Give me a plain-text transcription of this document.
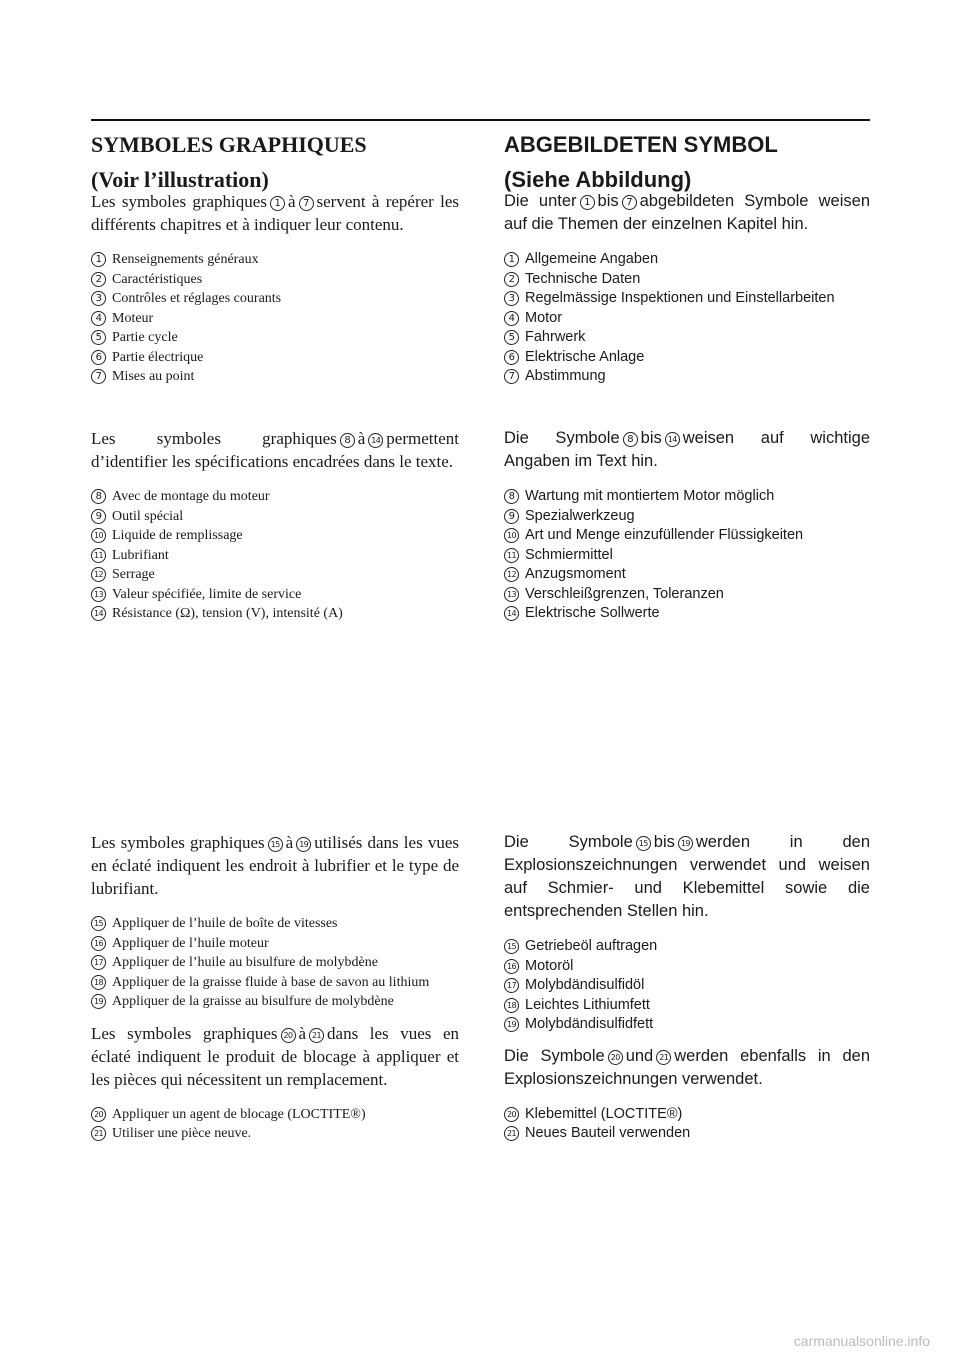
SYMBOLES GRAPHIQUES
(Voir l’illustration)

Les symboles graphiques 1 à 7 servent à repérer les différents chapitres et à indiquer leur contenu.

1 Renseignements généraux
2 Caractéristiques
3 Contrôles et réglages courants
4 Moteur
5 Partie cycle
6 Partie électrique
7 Mises au point

Les symboles graphiques 8 à 14 permettent d’identifier les spécifications encadrées dans le texte.

8 Avec de montage du moteur
9 Outil spécial
10 Liquide de remplissage
11 Lubrifiant
12 Serrage
13 Valeur spécifiée, limite de service
14 Résistance (Ω), tension (V), intensité (A)

Les symboles graphiques 15 à 19 utilisés dans les vues en éclaté indiquent les endroit à lubrifier et le type de lubrifiant.

15 Appliquer de l’huile de boîte de vitesses
16 Appliquer de l’huile moteur
17 Appliquer de l’huile au bisulfure de molybdène
18 Appliquer de la graisse fluide à base de savon au lithium
19 Appliquer de la graisse au bisulfure de molybdène

Les symboles graphiques 20 à 21 dans les vues en éclaté indiquent le produit de blocage à appliquer et les pièces qui nécessitent un remplacement.

20 Appliquer un agent de blocage (LOCTITE®)
21 Utiliser une pièce neuve.
ABGEBILDETEN SYMBOL
(Siehe Abbildung)

Die unter 1 bis 7 abgebildeten Symbole weisen auf die Themen der einzelnen Kapitel hin.

1 Allgemeine Angaben
2 Technische Daten
3 Regelmässige Inspektionen und Einstellarbeiten
4 Motor
5 Fahrwerk
6 Elektrische Anlage
7 Abstimmung

Die Symbole 8 bis 14 weisen auf wichtige Angaben im Text hin.

8 Wartung mit montiertem Motor möglich
9 Spezialwerkzeug
10 Art und Menge einzufüllender Flüssigkeiten
11 Schmiermittel
12 Anzugsmoment
13 Verschleißgrenzen, Toleranzen
14 Elektrische Sollwerte

Die Symbole 15 bis 19 werden in den Explosionszeichnungen verwendet und weisen auf Schmier- und Klebemittel sowie die entsprechenden Stellen hin.

15 Getriebeöl auftragen
16 Motoröl
17 Molybdändisulfidöl
18 Leichtes Lithiumfett
19 Molybdändisulfidfett

Die Symbole 20 und 21 werden ebenfalls in den Explosionszeichnungen verwendet.

20 Klebemittel (LOCTITE®)
21 Neues Bauteil verwenden
carmanualsonline.info
